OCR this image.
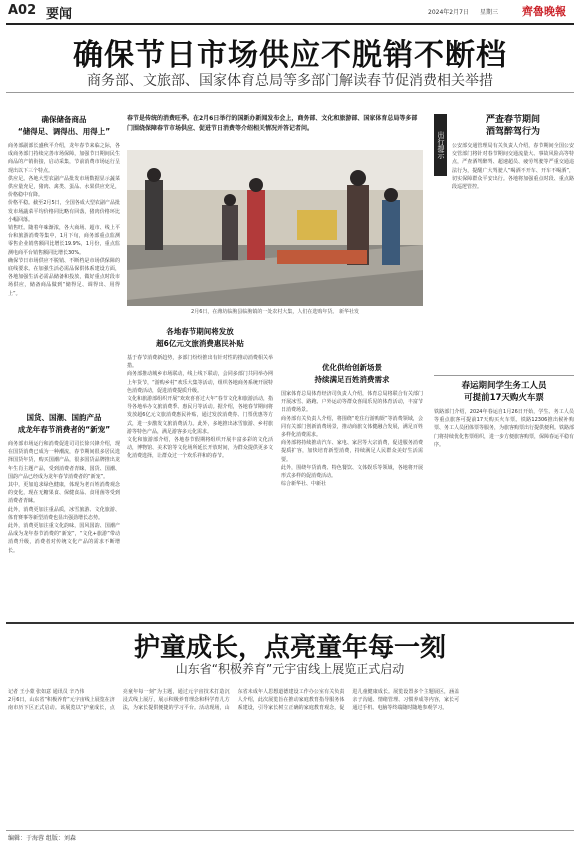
A02 要闻	2024年2月7日 星期三 齊魯晚報
确保节日市场供应不脱销不断档
商务部、文旅部、国家体育总局等多部门解读春节促消费相关举措
确保储备商品
“储得足、调得出、用得上”
商务部副部长盛秋平介绍，龙年春节来临之际，各成商务部门持续完善市场保障，加强节日期间民生商品的产销衔接，启动采集，节前消费市场运行呈现出以下三个特点。
供应足。各地大型农副产品批发市场数据显示蔬菜供应量充足，猪肉、禽类、蛋品、水果供应充足，价格稳中有降。
价格平稳。截至2月5日，全国各成大型农副产品批发市场蔬菜平均价格同比略有回落，猪肉价格环比小幅回落。
销售旺。随着年味渐浓，各大商场、超市、线上平台和旅游消费等集中，1月下旬，商务部重点监测零售企业销售额同比增长19.9%，1月份，重点监测电商平台销售额同比增长30%。
确保节日市场供应不脱销、不断档是市场供保障的底线要求。在加强生活必需品保供体系建设方面，各地加强生活必需品储备和投放，做好重点时段市场供应，储备商品做到“储得足、调得出、用得上”。
国货、国潮、国韵产品
成龙年春节消费者的“新宠”
商务部市场运行和消费促进司司长徐兴锋介绍，现在国货消费已成为一种潮流，春节期间很多居民选择国货年货，购买国潮产品，很多国货品牌推出龙年生肖主题产品，受到消费者青睐，国货、国潮、国韵产品已经成为龙年春节消费者的“新宠”。
其中，更加追求绿色健康，体现为老百姓消费观念的变化，现在无糖果食、保健食品、食用菌等受到消费者青睐。
此外，消费更加注重品质，冰雪旅游、文化旅游、体育赛事等新型消费也显出强劲增长态势。
此外，消费更加注重文化韵味，国风国韵、国潮产品成为龙年春节消费的“新宠”，“文化+旅游”带动消费升级，消费者对传统文化产品的需求不断增长。
春节是传统的消费旺季。在2月6日举行的国新办新闻发布会上，商务部、文化和旅游部、国家体育总局等多部门围绕保障春节市场供应、促进节日消费等介绍相关情况并答记者问。
2月6日，在潍坊临朐县临朐镇的一处农村大集，人们在选购年货。 新华社发
各地春节期间将发放
超6亿元文旅消费惠民补贴
基于春节消费新趋势，多部门纷纷推出有针对性的推动消费相关举措。
商务部推动城乡市场联动，线上线下联动，会同多部门共同举办网上年货节，“游购乡村”欢乐大集等活动，组织各地商务系统开展特色消费活动，促进消费提质升级。
文化和旅游部组织开展“欢欢喜喜过大年”春节文化和旅游活动，指导各地举办文旅消费季、惠民月等活动。据介绍，各地春节期间将发放超6亿元文旅消费惠民补贴，通过发放消费券、门票优惠等方式，进一步激发文旅消费活力。此外，多地推出冰雪旅游、乡村旅游等特色产品，满足游客多元化需求。
文化和旅游部介绍，各地春节假期将组织开展丰富多彩的文化活动，博物馆、美术馆等文化场所延长开放时间，为群众提供更多文化消费选择，让群众过一个欢乐祥和的春节。
优化供给创新场景
持续满足百姓消费需求
国家体育总局体育经济司负责人介绍，体育总局将联合有关部门开展冰雪、路跑、户外运动等群众喜闻乐见的体育活动，丰富节日消费场景。
商务部有关负责人介绍，将围绕“吃住行游购娱”等消费领域，会同有关部门创新消费场景，推动商旅文体健融合发展，满足百姓多样化消费需求。
商务部将持续推动汽车、家电、家居等大宗消费，促进服务消费提质扩容，加快培育新型消费，持续满足人民群众美好生活需要。
此外，围绕年货消费、特色餐饮、文体娱乐等领域，各地将开展形式多样的促消费活动。
综合新华社、中新社
出行提示
严查春节期间
酒驾醉驾行为
公安部交通管理局有关负责人介绍，春节期间全国公安交管部门将针对春节期间交通流量大、事故风险高等特点，严查酒驾醉驾、超速超员、疲劳驾驶等严重交通违法行为，提醒广大驾驶人“喝酒不开车、开车不喝酒”，切实保障群众平安出行。各地将加强重点时段、重点路段巡逻管控。
春运期间学生务工人员
可提前17天购火车票
铁路部门介绍，2024年春运自1月26日开始，学生、务工人员等重点旅客可提前17天购买火车票。铁路12306推出候补购票、务工人员团体票等服务，为旅客购票出行提供便利。铁路部门将持续优化售票组织，进一步方便旅客购票，保障春运平稳有序。
护童成长，点亮童年每一刻
山东省“积极养育”元宇宙线上展览正式启动
记者 王小蒙 张如意 通讯员 辛乃伟
2月6日，山东省“积极养育”元宇宙线上展览在济南市历下区正式启动。该展览以“护童成长，点亮童年每一刻”为主题，通过元宇宙技术打造沉浸式线上展厅，展示积极养育理念和科学育儿方法，为家长提供便捷的学习平台。活动现场，山东省未成年人思想道德建设工作办公室有关负责人介绍，此次展览旨在推动家庭教育指导服务体系建设，引导家长树立正确的家庭教育观念，促进儿童健康成长。展览设置多个主题展区，涵盖亲子沟通、情绪管理、习惯养成等内容，家长可通过手机、电脑等终端随时随地参观学习。
编辑：于海蓉 组版：刘森
